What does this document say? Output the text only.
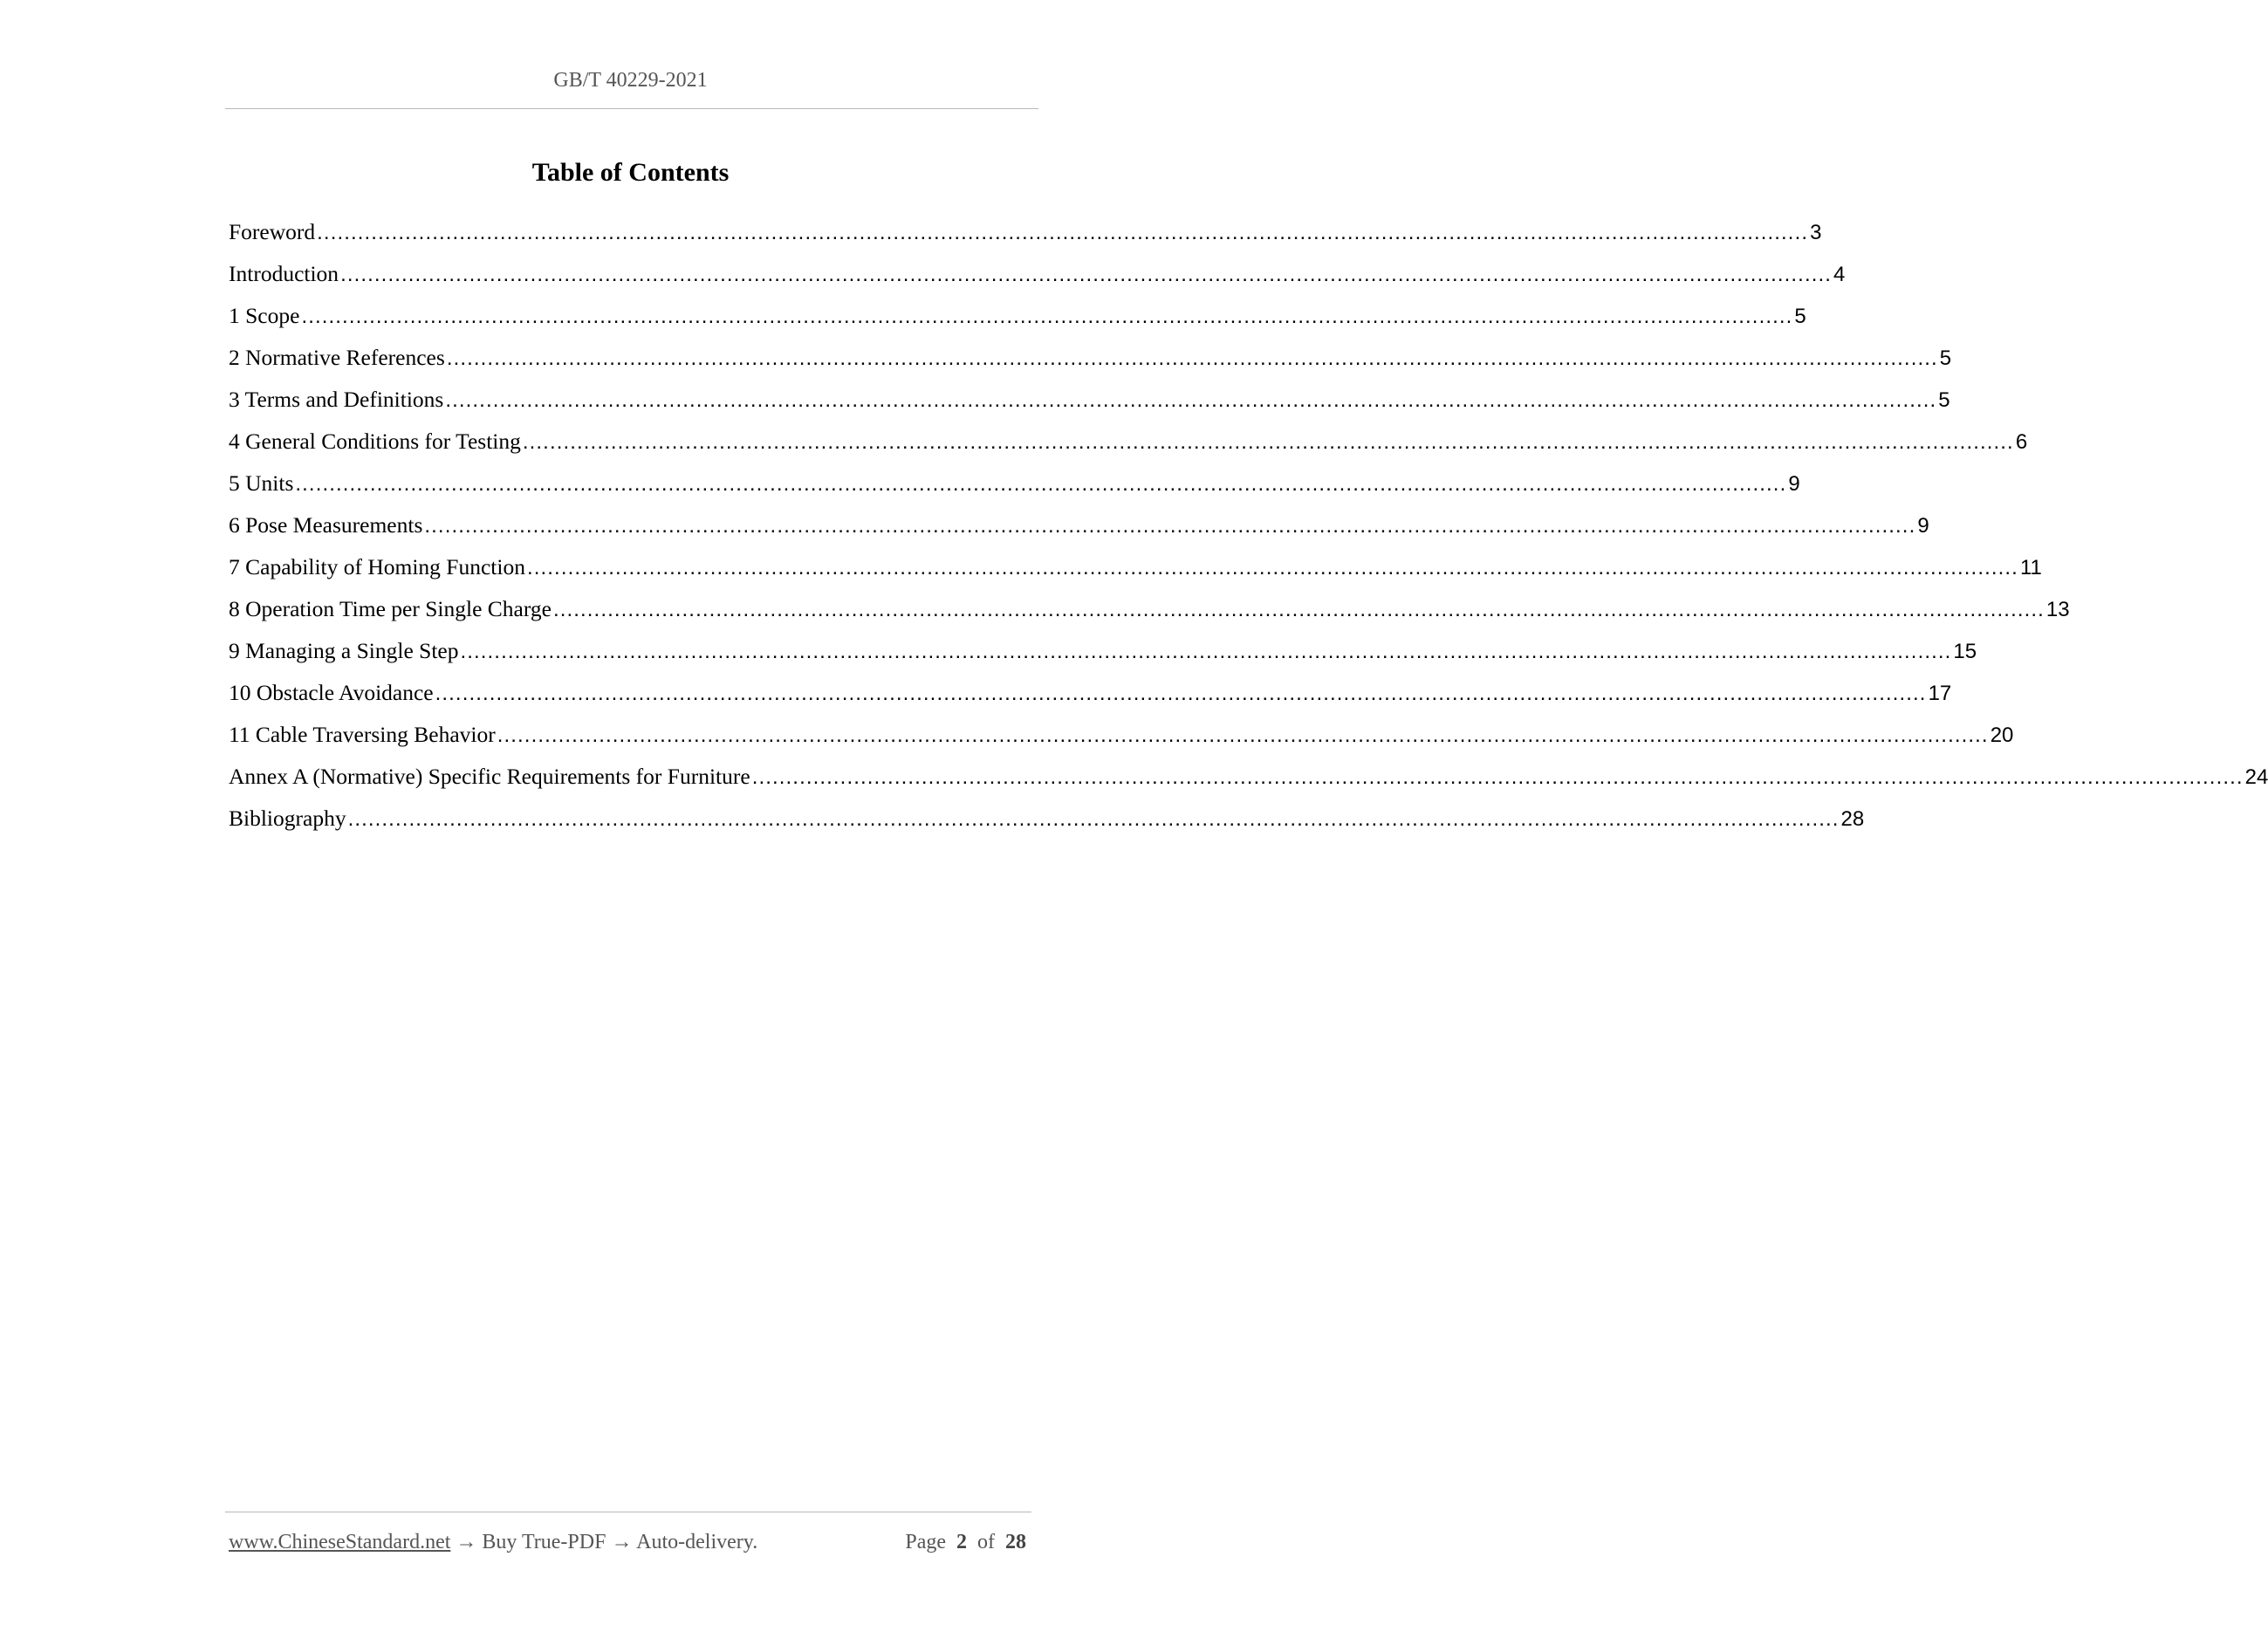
GB/T 40229-2021
Table of Contents
Foreword ............................................................................................................................................................................................................................ 3
Introduction ............................................................................................................................................................................................................................ 4
1 Scope ............................................................................................................................................................................................................................ 5
2 Normative References ............................................................................................................................................................................................................................ 5
3 Terms and Definitions ............................................................................................................................................................................................................................ 5
4 General Conditions for Testing ............................................................................................................................................................................................................................ 6
5 Units ............................................................................................................................................................................................................................ 9
6 Pose Measurements ............................................................................................................................................................................................................................ 9
7 Capability of Homing Function ............................................................................................................................................................................................................................ 11
8 Operation Time per Single Charge ............................................................................................................................................................................................................................ 13
9 Managing a Single Step ............................................................................................................................................................................................................................ 15
10 Obstacle Avoidance ............................................................................................................................................................................................................................ 17
11 Cable Traversing Behavior ............................................................................................................................................................................................................................ 20
Annex A (Normative) Specific Requirements for Furniture ............................................................................................................................................................................................................................ 24
Bibliography ............................................................................................................................................................................................................................ 28
www.ChineseStandard.net → Buy True-PDF → Auto-delivery.	Page 2 of 28
